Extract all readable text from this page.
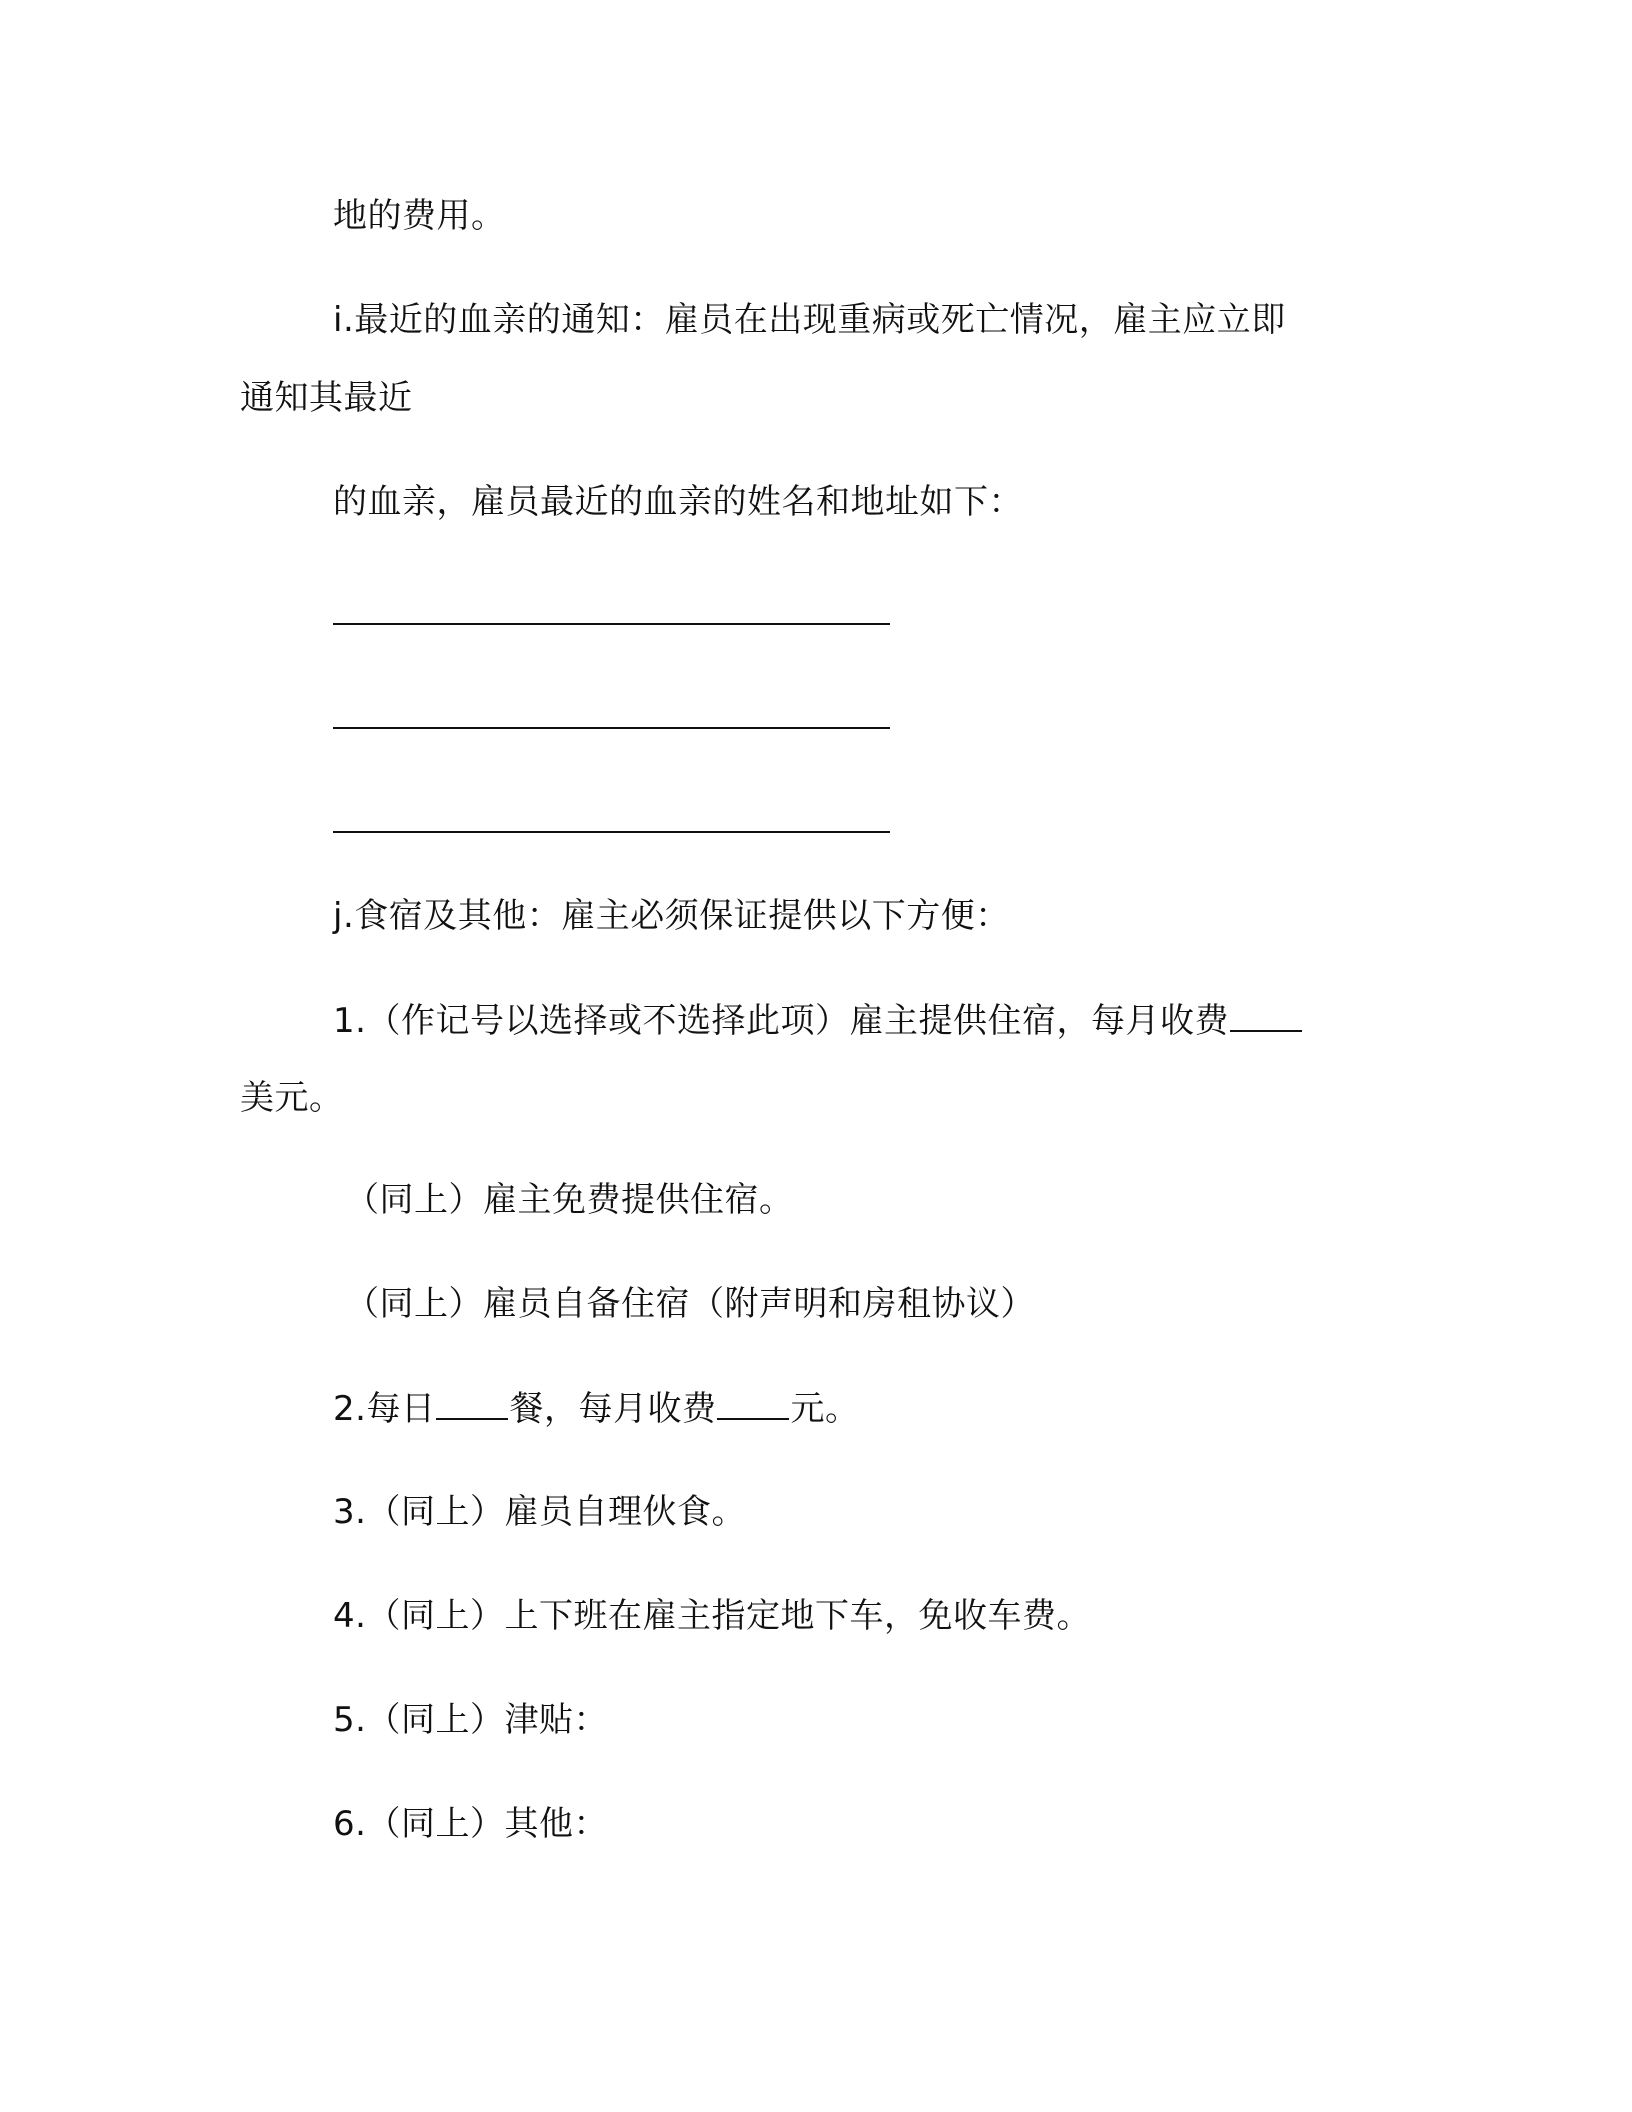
地的费用。
i.最近的血亲的通知：雇员在出现重病或死亡情况，雇主应立即
通知其最近
的血亲，雇员最近的血亲的姓名和地址如下：
j.食宿及其他：雇主必须保证提供以下方便：
1.（作记号以选择或不选择此项）雇主提供住宿，每月收费
美元。
（同上）雇主免费提供住宿。
（同上）雇员自备住宿（附声明和房租协议）
2.每日 餐，每月收费 元。
3.（同上）雇员自理伙食。
4.（同上）上下班在雇主指定地下车，免收车费。
5.（同上）津贴：
6.（同上）其他：
